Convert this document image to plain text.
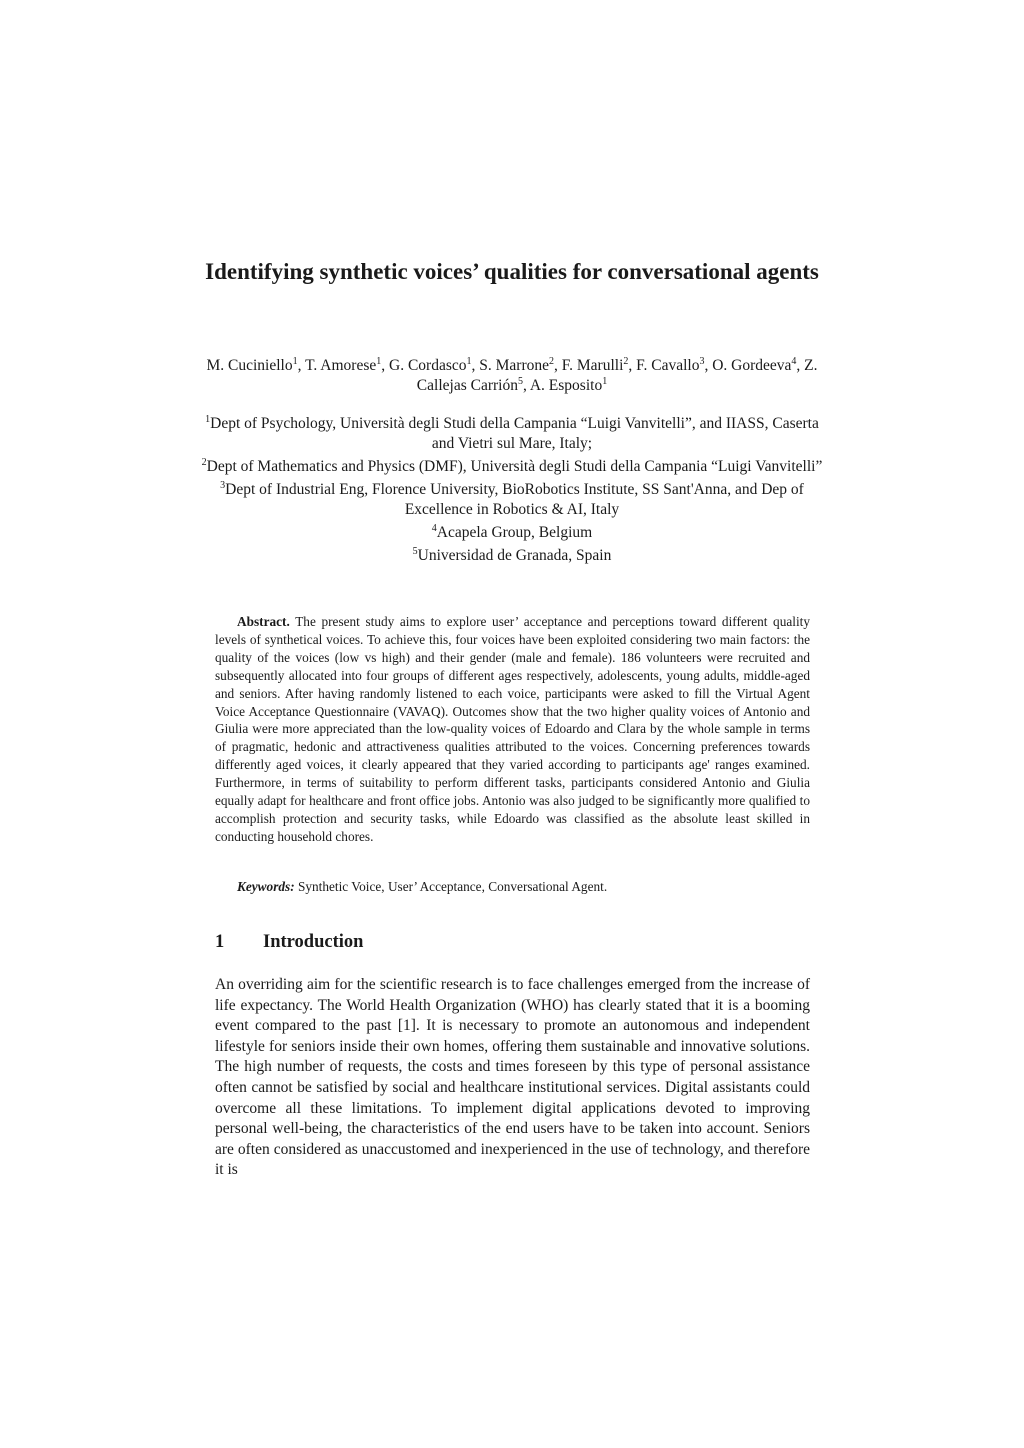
Identifying synthetic voices’ qualities for conversational agents

M. Cuciniello$^1$, T. Amorese$^1$, G. Cordasco$^1$, S. Marrone$^2$, F. Marulli$^2$, F. Cavallo$^3$, O. Gordeeva$^4$, Z. Callejas Carrión$^5$, A. Esposito$^1$

$^1$Dept of Psychology, Università degli Studi della Campania “Luigi Vanvitelli”, and IIASS, Caserta and Vietri sul Mare, Italy;

$^2$Dept of Mathematics and Physics (DMF), Università degli Studi della Campania “Luigi Vanvitelli”

$^3$Dept of Industrial Eng, Florence University, BioRobotics Institute, SS Sant'Anna, and Dep of Excellence in Robotics & AI, Italy

$^4$Acapela Group, Belgium

$^5$Universidad de Granada, Spain

Abstract. The present study aims to explore user’ acceptance and perceptions toward different quality levels of synthetical voices. To achieve this, four voices have been exploited considering two main factors: the quality of the voices (low vs high) and their gender (male and female). 186 volunteers were recruited and subsequently allocated into four groups of different ages respectively, adolescents, young adults, middle-aged and seniors. After having randomly listened to each voice, participants were asked to fill the Virtual Agent Voice Acceptance Questionnaire (VAVAQ). Outcomes show that the two higher quality voices of Antonio and Giulia were more appreciated than the low-quality voices of Edoardo and Clara by the whole sample in terms of pragmatic, hedonic and attractiveness qualities attributed to the voices. Concerning preferences towards differently aged voices, it clearly appeared that they varied according to participants age' ranges examined. Furthermore, in terms of suitability to perform different tasks, participants considered Antonio and Giulia equally adapt for healthcare and front office jobs. Antonio was also judged to be significantly more qualified to accomplish protection and security tasks, while Edoardo was classified as the absolute least skilled in conducting household chores.

Keywords: Synthetic Voice, User’ Acceptance, Conversational Agent.

1 Introduction

An overriding aim for the scientific research is to face challenges emerged from the increase of life expectancy. The World Health Organization (WHO) has clearly stated that it is a booming event compared to the past [1]. It is necessary to promote an autonomous and independent lifestyle for seniors inside their own homes, offering them sustainable and innovative solutions. The high number of requests, the costs and times foreseen by this type of personal assistance often cannot be satisfied by social and healthcare institutional services. Digital assistants could overcome all these limitations. To implement digital applications devoted to improving personal well-being, the characteristics of the end users have to be taken into account. Seniors are often considered as unaccustomed and inexperienced in the use of technology, and therefore it is
